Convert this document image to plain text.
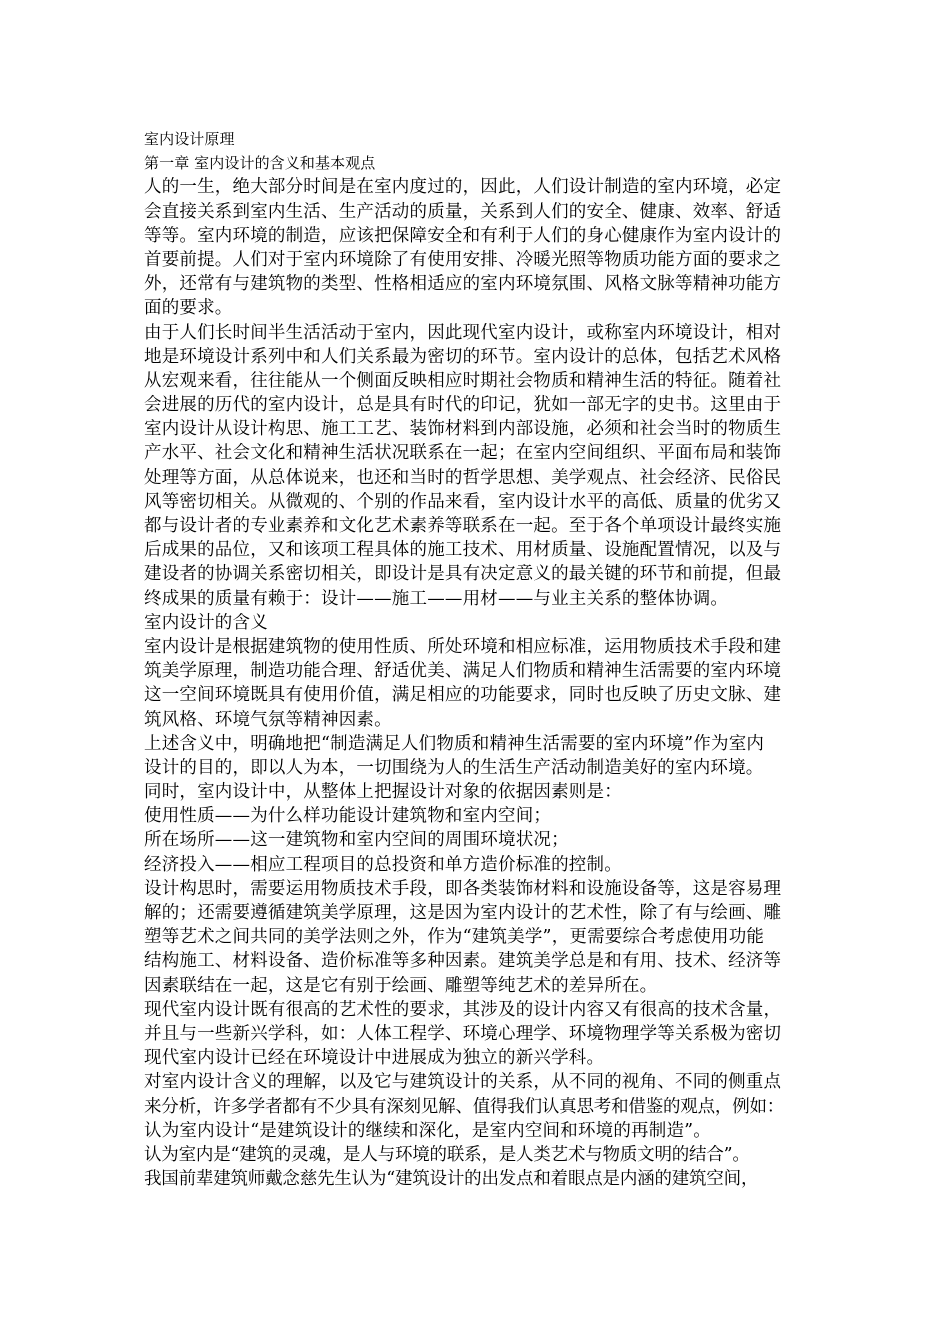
室内设计原理
第一章 室内设计的含义和基本观点
人的一生，绝大部分时间是在室内度过的，因此，人们设计制造的室内环境，必定
会直接关系到室内生活、生产活动的质量，关系到人们的安全、健康、效率、舒适
等等。室内环境的制造，应该把保障安全和有利于人们的身心健康作为室内设计的
首要前提。人们对于室内环境除了有使用安排、冷暖光照等物质功能方面的要求之
外，还常有与建筑物的类型、性格相适应的室内环境氛围、风格文脉等精神功能方
面的要求。
由于人们长时间半生活活动于室内，因此现代室内设计，或称室内环境设计，相对
地是环境设计系列中和人们关系最为密切的环节。室内设计的总体，包括艺术风格
从宏观来看，往往能从一个侧面反映相应时期社会物质和精神生活的特征。随着社
会进展的历代的室内设计，总是具有时代的印记，犹如一部无字的史书。这里由于
室内设计从设计构思、施工工艺、装饰材料到内部设施，必须和社会当时的物质生
产水平、社会文化和精神生活状况联系在一起；在室内空间组织、平面布局和装饰
处理等方面，从总体说来，也还和当时的哲学思想、美学观点、社会经济、民俗民
风等密切相关。从微观的、个别的作品来看，室内设计水平的高低、质量的优劣又
都与设计者的专业素养和文化艺术素养等联系在一起。至于各个单项设计最终实施
后成果的品位，又和该项工程具体的施工技术、用材质量、设施配置情况，以及与
建设者的协调关系密切相关，即设计是具有决定意义的最关键的环节和前提，但最
终成果的质量有赖于：设计——施工——用材——与业主关系的整体协调。
室内设计的含义
室内设计是根据建筑物的使用性质、所处环境和相应标准，运用物质技术手段和建
筑美学原理，制造功能合理、舒适优美、满足人们物质和精神生活需要的室内环境
这一空间环境既具有使用价值，满足相应的功能要求，同时也反映了历史文脉、建
筑风格、环境气氛等精神因素。
上述含义中，明确地把“制造满足人们物质和精神生活需要的室内环境”作为室内
设计的目的，即以人为本，一切围绕为人的生活生产活动制造美好的室内环境。
同时，室内设计中，从整体上把握设计对象的依据因素则是：
使用性质——为什么样功能设计建筑物和室内空间；
所在场所——这一建筑物和室内空间的周围环境状况；
经济投入——相应工程项目的总投资和单方造价标准的控制。
设计构思时，需要运用物质技术手段，即各类装饰材料和设施设备等，这是容易理
解的；还需要遵循建筑美学原理，这是因为室内设计的艺术性，除了有与绘画、雕
塑等艺术之间共同的美学法则之外，作为“建筑美学”，更需要综合考虑使用功能
结构施工、材料设备、造价标准等多种因素。建筑美学总是和有用、技术、经济等
因素联结在一起，这是它有别于绘画、雕塑等纯艺术的差异所在。
现代室内设计既有很高的艺术性的要求，其涉及的设计内容又有很高的技术含量，
并且与一些新兴学科，如：人体工程学、环境心理学、环境物理学等关系极为密切
现代室内设计已经在环境设计中进展成为独立的新兴学科。
对室内设计含义的理解，以及它与建筑设计的关系，从不同的视角、不同的侧重点
来分析，许多学者都有不少具有深刻见解、值得我们认真思考和借鉴的观点，例如：
认为室内设计“是建筑设计的继续和深化，是室内空间和环境的再制造”。
认为室内是“建筑的灵魂，是人与环境的联系，是人类艺术与物质文明的结合”。
我国前辈建筑师戴念慈先生认为“建筑设计的出发点和着眼点是内涵的建筑空间，
